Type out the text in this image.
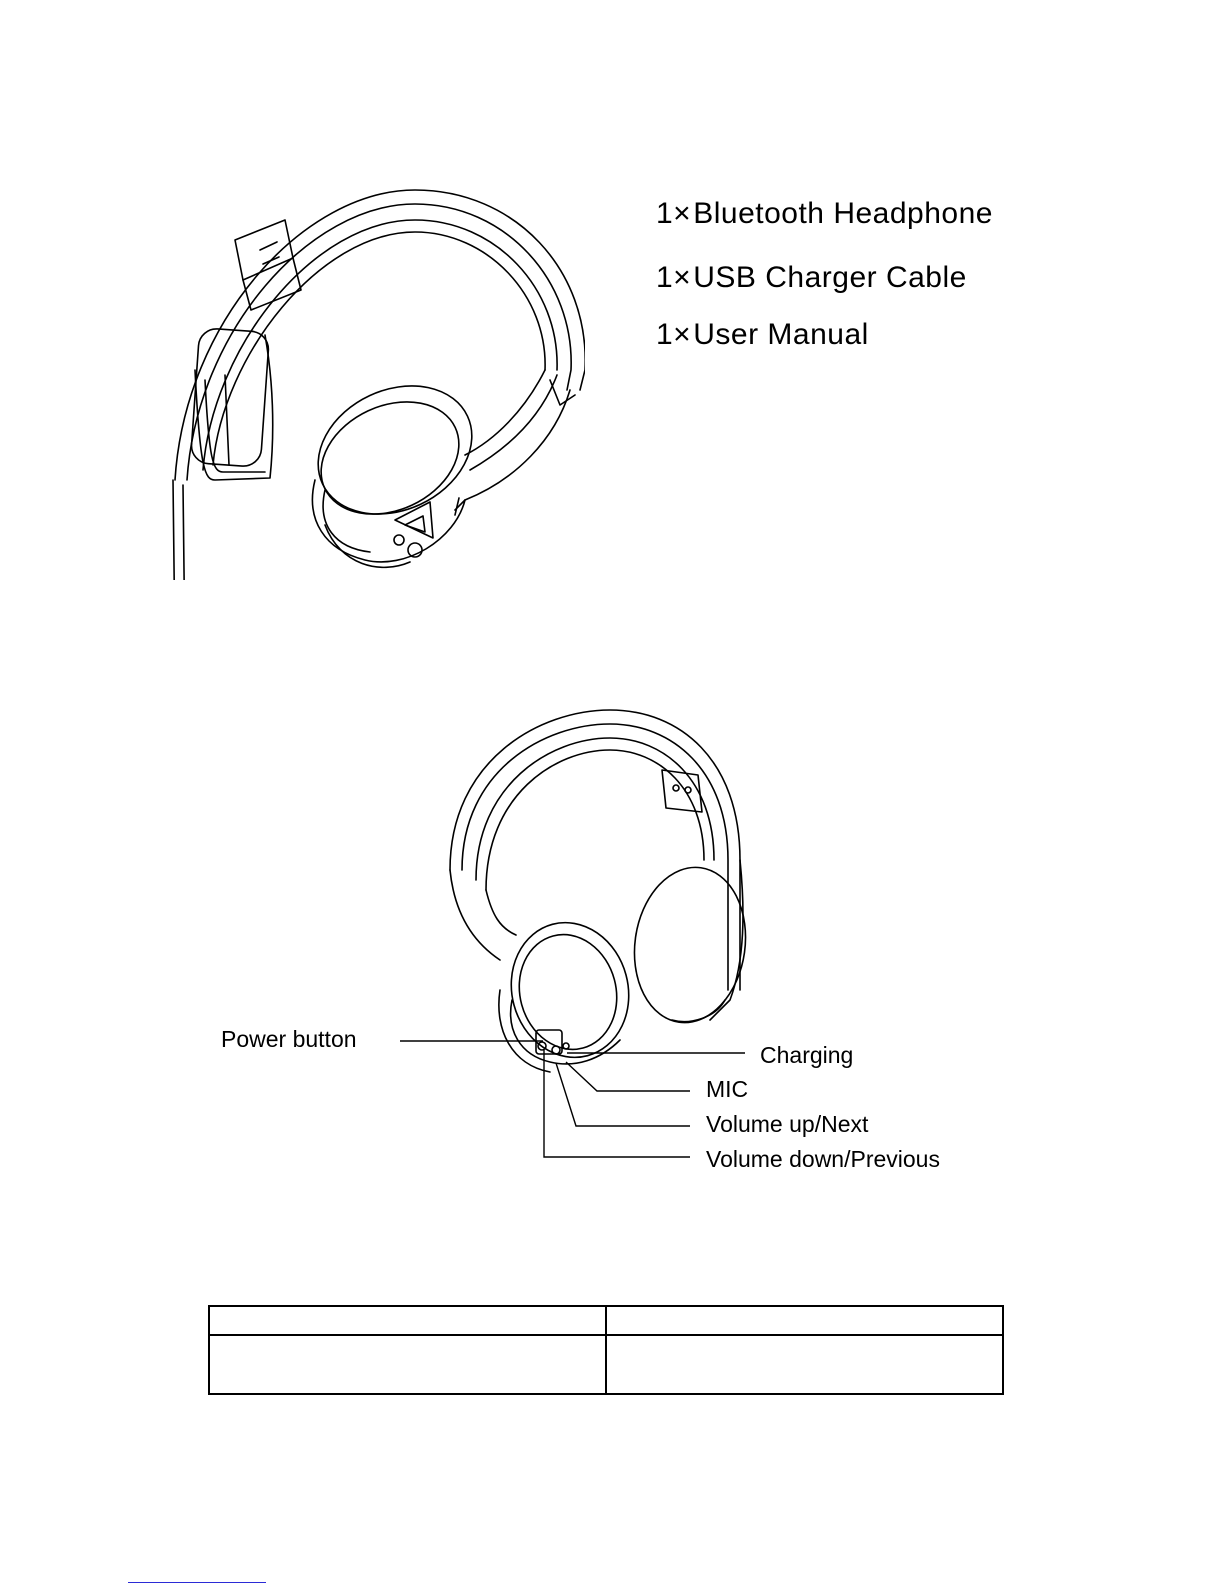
1×Bluetooth Headphone
1×USB Charger Cable
1×User Manual
Power button
Charging
MIC
Volume up/Next
Volume down/Previous
